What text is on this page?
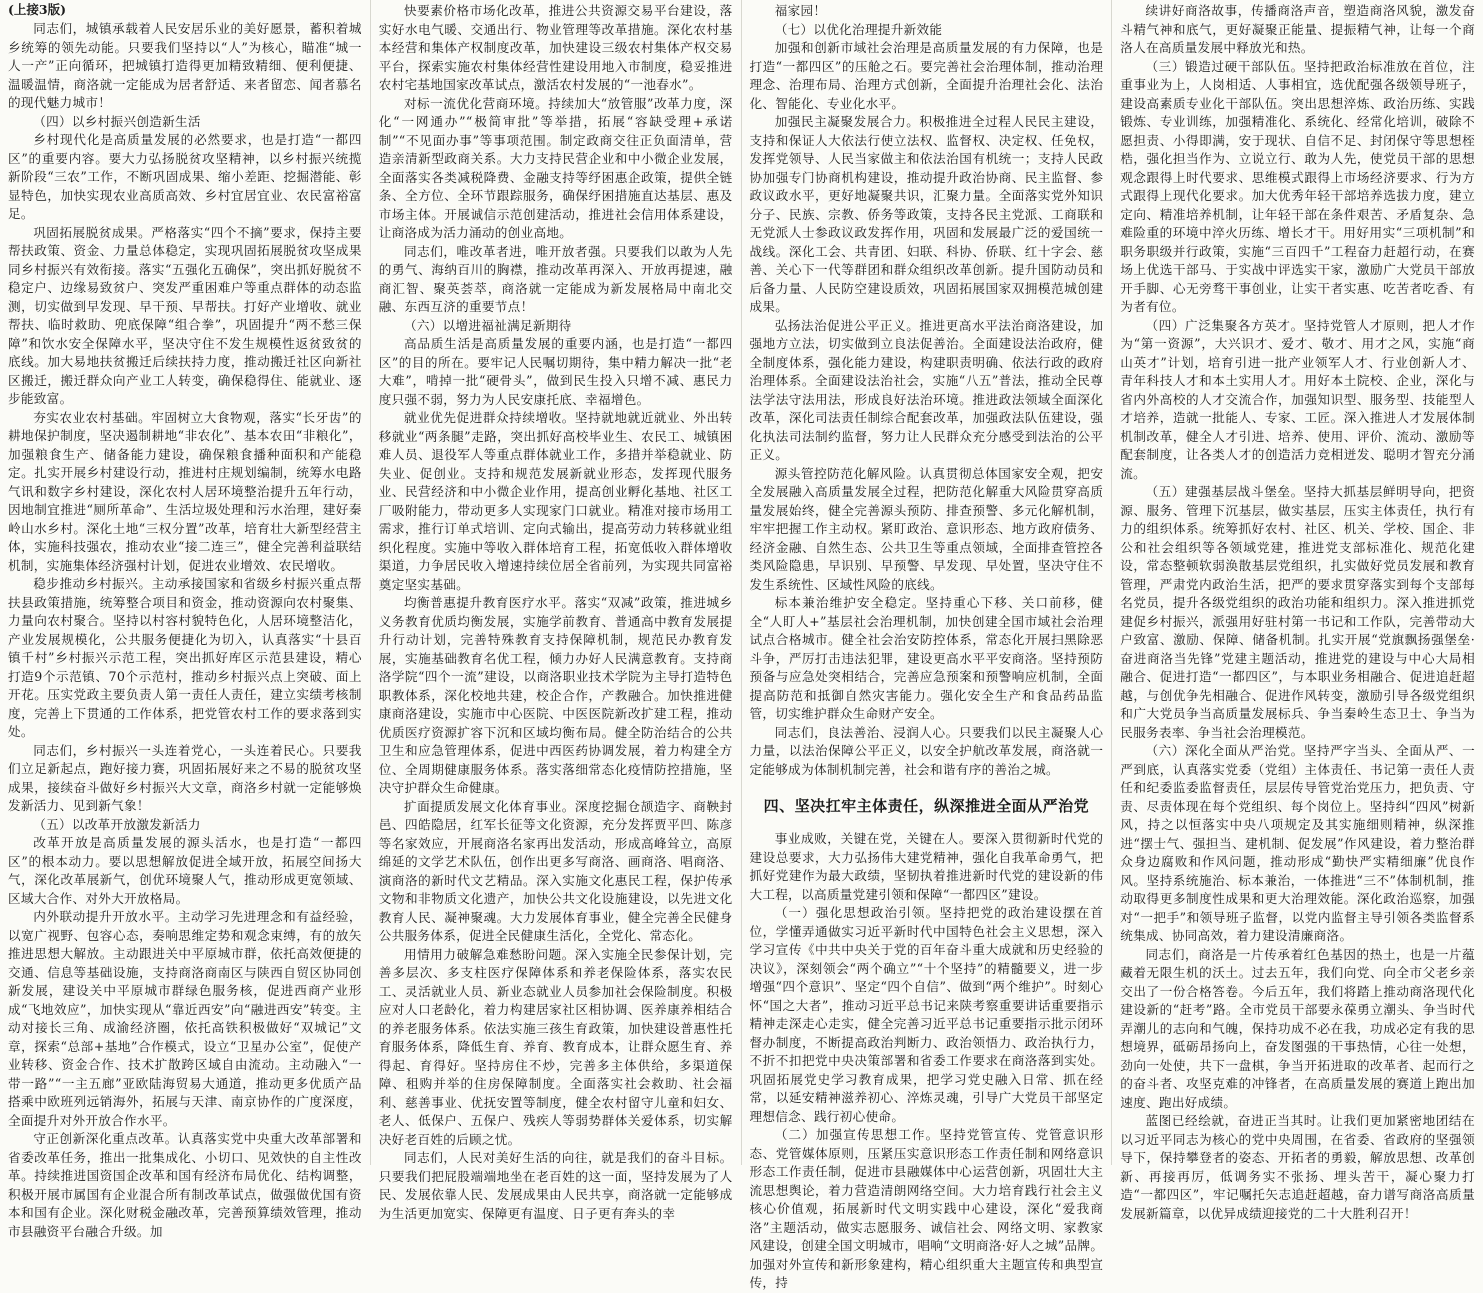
(上接3版)

同志们，城镇承载着人民安居乐业的美好愿景，蓄积着城乡统筹的领先动能。只要我们坚持以“人”为核心，瞄准“城一人一产”正向循环，把城镇打造得更加精致精细、便利便捷、温暖温情，商洛就一定能成为居者舒适、来者留恋、闻者慕名的现代魅力城市！

（四）以乡村振兴创造新生活

乡村现代化是高质量发展的必然要求，也是打造“一都四区”的重要内容。要大力弘扬脱贫攻坚精神，以乡村振兴统揽新阶段“三农”工作，不断巩固成果、缩小差距、挖掘潜能、彰显特色，加快实现农业高质高效、乡村宜居宜业、农民富裕富足。

巩固拓展脱贫成果。严格落实“四个不摘”要求，保持主要帮扶政策、资金、力量总体稳定，实现巩固拓展脱贫攻坚成果同乡村振兴有效衔接。落实“五强化五确保”，突出抓好脱贫不稳定户、边缘易致贫户、突发严重困难户等重点群体的动态监测，切实做到早发现、早干预、早帮扶。打好产业增收、就业帮扶、临时救助、兜底保障“组合拳”，巩固提升“两不愁三保障”和饮水安全保障水平，坚决守住不发生规模性返贫致贫的底线。加大易地扶贫搬迁后续扶持力度，推动搬迁社区向新社区搬迁，搬迁群众向产业工人转变，确保稳得住、能就业、逐步能致富。

夯实农业农村基础。牢固树立大食物观，落实“长牙齿”的耕地保护制度，坚决遏制耕地“非农化”、基本农田“非粮化”，加强粮食生产、储备能力建设，确保粮食播种面积和产能稳定。扎实开展乡村建设行动，推进村庄规划编制，统筹水电路气讯和数字乡村建设，深化农村人居环境整治提升五年行动，因地制宜推进“厕所革命”、生活垃圾处理和污水治理，建好秦岭山水乡村。深化土地“三权分置”改革，培育壮大新型经营主体，实施科技强农，推动农业“接二连三”，健全完善利益联结机制，实施集体经济强村计划，促进农业增效、农民增收。

稳步推动乡村振兴。主动承接国家和省级乡村振兴重点帮扶县政策措施，统筹整合项目和资金，推动资源向农村聚集、力量向农村聚合。坚持以村容村貌特色化，人居环境整洁化，产业发展规模化，公共服务便捷化为切入，认真落实“十县百镇千村”乡村振兴示范工程，突出抓好库区示范县建设，精心打造9个示范镇、70个示范村，推动乡村振兴点上突破、面上开花。压实党政主要负责人第一责任人责任，建立实绩考核制度，完善上下贯通的工作体系，把党管农村工作的要求落到实处。

同志们，乡村振兴一头连着党心，一头连着民心。只要我们立足新起点，跑好接力赛，巩固拓展好来之不易的脱贫攻坚成果，接续奋斗做好乡村振兴大文章，商洛乡村就一定能够焕发新活力、见到新气象！

（五）以改革开放激发新活力

改革开放是高质量发展的源头活水，也是打造“一都四区”的根本动力。要以思想解放促进全域开放，拓展空间扬大气，深化改革展新气，创优环境聚人气，推动形成更宽领域、区域大合作、对外大开放格局。

内外联动提升开放水平。主动学习先进理念和有益经验，以宽广视野、包容心态，奏响思维定势和观念束缚，有的放矢推进思想大解放。主动跟进关中平原城市群，依托高效便捷的交通、信息等基础设施，支持商洛商南区与陕西自贸区协同创新发展，建设关中平原城市群绿色服务核，促进西商产业形成“飞地效应”，加快实现从“靠近西安”向“融进西安”转变。主动对接长三角、成渝经济圈，依托高铁积极做好“双城记”文章，探索“总部+基地”合作模式，设立“卫星办公室”，促使产业转移、资金合作、技术扩散跨区域自由流动。主动融入“一带一路”“一主五廊”亚欧陆海贸易大通道，推动更多优质产品搭乘中欧班列远销海外，拓展与天津、南京协作的广度深度，全面提升对外开放合作水平。

守正创新深化重点改革。认真落实党中央重大改革部署和省委改革任务，推出一批集成化、小切口、见效快的自主性改革。持续推进国资国企改革和国有经济布局优化、结构调整，积极开展市属国有企业混合所有制改革试点，做强做优国有资本和国有企业。深化财税金融改革，完善预算绩效管理，推动市县融资平台融合升级。加

快要素价格市场化改革，推进公共资源交易平台建设，落实好水电气暖、交通出行、物业管理等改革措施。深化农村基本经营和集体产权制度改革，加快建设三级农村集体产权交易平台，探索实施农村集体经营性建设用地入市制度，稳妥推进农村宅基地国家改革试点，激活农村发展的“一池春水”。

对标一流优化营商环境。持续加大“放管服”改革力度，深化“一网通办”“极简审批”等举措，拓展“容缺受理+承诺制”“不见面办事”等事项范围。制定政商交往正负面清单，营造亲清新型政商关系。大力支持民营企业和中小微企业发展，全面落实各类减税降费、金融支持等纾困惠企政策，提供全链条、全方位、全环节跟踪服务，确保纾困措施直达基层、惠及市场主体。开展诚信示范创建活动，推进社会信用体系建设，让商洛成为活力涌动的创业高地。

同志们，唯改革者进，唯开放者强。只要我们以敢为人先的勇气、海纳百川的胸襟，推动改革再深入、开放再提速，融商汇智、聚英荟萃，商洛就一定能成为新发展格局中南北交融、东西互济的重要节点！

（六）以增进福祉满足新期待

高品质生活是高质量发展的重要内涵，也是打造“一都四区”的目的所在。要牢记人民嘱切期待，集中精力解决一批“老大难”，啃掉一批“硬骨头”，做到民生投入只增不减、惠民力度只强不弱，努力为人民安康托底、幸福增色。

就业优先促进群众持续增收。坚持就地就近就业、外出转移就业“两条腿”走路，突出抓好高校毕业生、农民工、城镇困难人员、退役军人等重点群体就业工作，多措并举稳就业、防失业、促创业。支持和规范发展新就业形态，发挥现代服务业、民营经济和中小微企业作用，提高创业孵化基地、社区工厂吸附能力，带动更多人实现家门口就业。精准对接市场用工需求，推行订单式培训、定向式输出，提高劳动力转移就业组织化程度。实施中等收入群体培育工程，拓宽低收入群体增收渠道，力争居民收入增速持续位居全省前列，为实现共同富裕奠定坚实基础。

均衡普惠提升教育医疗水平。落实“双减”政策，推进城乡义务教育优质均衡发展，实施学前教育、普通高中教育发展提升行动计划，完善特殊教育支持保障机制，规范民办教育发展，实施基础教育名优工程，倾力办好人民满意教育。支持商洛学院“四个一流”建设，以商洛职业技术学院为主导打造特色职教体系，深化校地共建，校企合作，产教融合。加快推进健康商洛建设，实施市中心医院、中医医院新改扩建工程，推动优质医疗资源扩容下沉和区域均衡布局。健全防治结合的公共卫生和应急管理体系，促进中西医药协调发展，着力构建全方位、全周期健康服务体系。落实落细常态化疫情防控措施，坚决守护群众生命健康。

扩面提质发展文化体育事业。深度挖掘仓颉造字、商鞅封邑、四皓隐居，红军长征等文化资源，充分发挥贾平凹、陈彦等名家效应，开展商洛名家再出发活动，形成高峰耸立，高原绵延的文学艺术队伍，创作出更多写商洛、画商洛、唱商洛、演商洛的新时代文艺精品。深入实施文化惠民工程，保护传承文物和非物质文化遗产，加快公共文化设施建设，以先进文化教育人民、凝神聚魂。大力发展体育事业，健全完善全民健身公共服务体系，促进全民健康生活化，全党化、常态化。

用情用力破解急难愁盼问题。深入实施全民参保计划，完善多层次、多支柱医疗保障体系和养老保险体系，落实农民工、灵活就业人员、新业态就业人员参加社会保险制度。积极应对人口老龄化，着力构建居家社区相协调、医养康养相结合的养老服务体系。依法实施三孩生育政策，加快建设普惠性托育服务体系，降低生育、养育、教育成本，让群众愿生育、养得起、育得好。坚持房住不炒，完善多主体供给，多渠道保障、租购并举的住房保障制度。全面落实社会救助、社会福利、慈善事业、优抚安置等制度，健全农村留守儿童和妇女、老人、低保户、五保户、残疾人等弱势群体关爱体系，切实解决好老百姓的后顾之忧。

同志们，人民对美好生活的向往，就是我们的奋斗目标。只要我们把屁股端端地坐在老百姓的这一面，坚持发展为了人民、发展依靠人民、发展成果由人民共享，商洛就一定能够成为生活更加宽实、保障更有温度、日子更有奔头的幸

福家园！

（七）以优化治理提升新效能

加强和创新市域社会治理是高质量发展的有力保障，也是打造“一都四区”的压舱之石。要完善社会治理体制，推动治理理念、治理布局、治理方式创新，全面提升治理社会化、法治化、智能化、专业化水平。

加强民主凝聚发展合力。积极推进全过程人民民主建设，支持和保证人大依法行使立法权、监督权、决定权、任免权，发挥党领导、人民当家做主和依法治国有机统一；支持人民政协加强专门协商机构建设，推动提升政治协商、民主监督、参政议政水平，更好地凝聚共识，汇聚力量。全面落实党外知识分子、民族、宗教、侨务等政策，支持各民主党派、工商联和无党派人士参政议政发挥作用，巩固和发展最广泛的爱国统一战线。深化工会、共青团、妇联、科协、侨联、红十字会、慈善、关心下一代等群团和群众组织改革创新。提升国防动员和后备力量、人民防空建设质效，巩固拓展国家双拥模范城创建成果。

弘扬法治促进公平正义。推进更高水平法治商洛建设，加强地方立法，切实做到立良法促善治。全面建设法治政府，健全制度体系，强化能力建设，构建职责明确、依法行政的政府治理体系。全面建设法治社会，实施“八五”普法，推动全民尊法学法守法用法，形成良好法治环境。推进政法领域全面深化改革，深化司法责任制综合配套改革，加强政法队伍建设，强化执法司法制约监督，努力让人民群众充分感受到法治的公平正义。

源头管控防范化解风险。认真贯彻总体国家安全观，把安全发展融入高质量发展全过程，把防范化解重大风险贯穿高质量发展始终，健全完善源头预防、排查预警、多元化解机制，牢牢把握工作主动权。紧盯政治、意识形态、地方政府债务、经济金融、自然生态、公共卫生等重点领域，全面排查管控各类风险隐患，早识别、早预警、早发现、早处置，坚决守住不发生系统性、区域性风险的底线。

标本兼治维护安全稳定。坚持重心下移、关口前移，健全“人盯人+”基层社会治理机制，加快创建全国市域社会治理试点合格城市。健全社会治安防控体系，常态化开展扫黑除恶斗争，严厉打击违法犯罪，建设更高水平平安商洛。坚持预防预备与应急处突相结合，完善应急预案和预警响应机制，全面提高防范和抵御自然灾害能力。强化安全生产和食品药品监管，切实维护群众生命财产安全。

同志们，良法善治、浸润人心。只要我们以民主凝聚人心力量，以法治保障公平正义，以安全护航改革发展，商洛就一定能够成为体制机制完善，社会和谐有序的善治之城。

四、坚决扛牢主体责任，纵深推进全面从严治党

事业成败，关键在党，关键在人。要深入贯彻新时代党的建设总要求，大力弘扬伟大建党精神，强化自我革命勇气，把抓好党建作为最大政绩，坚韧执着推进新时代党的建设新的伟大工程，以高质量党建引领和保障“一都四区”建设。

（一）强化思想政治引领。坚持把党的政治建设摆在首位，学懂弄通做实习近平新时代中国特色社会主义思想，深入学习宣传《中共中央关于党的百年奋斗重大成就和历史经验的决议》，深刻领会“两个确立”“十个坚持”的精髓要义，进一步增强“四个意识”、坚定“四个自信”、做到“两个维护”。时刻心怀“国之大者”，推动习近平总书记来陕考察重要讲话重要指示精神走深走心走实，健全完善习近平总书记重要指示批示闭环督办制度，不断提高政治判断力、政治领悟力、政治执行力，不折不扣把党中央决策部署和省委工作要求在商洛落到实处。巩固拓展党史学习教育成果，把学习党史融入日常、抓在经常，以延安精神滋养初心、淬炼灵魂，引导广大党员干部坚定理想信念、践行初心使命。

（二）加强宣传思想工作。坚持党管宣传、党管意识形态、党管媒体原则，压紧压实意识形态工作责任制和网络意识形态工作责任制，促进市县融媒体中心运营创新，巩固壮大主流思想舆论，着力营造清朗网络空间。大力培育践行社会主义核心价值观，拓展新时代文明实践中心建设，深化“爱我商洛”主题活动，做实志愿服务、诚信社会、网络文明、家教家风建设，创建全国文明城市，唱响“文明商洛·好人之城”品牌。加强对外宣传和新形象建构，精心组织重大主题宣传和典型宣传，持

续讲好商洛故事，传播商洛声音，塑造商洛风貌，激发奋斗精气神和底气，更好凝聚正能量、提振精气神，让每一个商洛人在高质量发展中释放光和热。

（三）锻造过硬干部队伍。坚持把政治标准放在首位，注重事业为上，人岗相适、人事相宜，选优配强各级领导班子，建设高素质专业化干部队伍。突出思想淬炼、政治历练、实践锻炼、专业训练，加强精准化、系统化、经常化培训，破除不愿担责、小得即满，安于现状、自信不足、封闭保守等思想桎梏，强化担当作为、立说立行、敢为人先，使党员干部的思想观念跟得上时代要求、思维模式跟得上市场经济要求、行为方式跟得上现代化要求。加大优秀年轻干部培养选拔力度，建立定向、精准培养机制，让年轻干部在条件艰苦、矛盾复杂、急难险重的环境中淬火历练、增长才干。用好用实“三项机制”和职务职级并行政策，实施“三百四千”工程奋力赶超行动，在赛场上优选干部马、于实战中评选实干家，激励广大党员干部放开手脚、心无旁骛干事创业，让实干者实惠、吃苦者吃香、有为者有位。

（四）广泛集聚各方英才。坚持党管人才原则，把人才作为“第一资源”，大兴识才、爱才、敬才、用才之风，实施“商山英才”计划，培育引进一批产业领军人才、行业创新人才、青年科技人才和本土实用人才。用好本土院校、企业，深化与省内外高校的人才交流合作，加强知识型、服务型、技能型人才培养，造就一批能人、专家、工匠。深入推进人才发展体制机制改革，健全人才引进、培养、使用、评价、流动、激励等配套制度，让各类人才的创造活力竞相迸发、聪明才智充分涌流。

（五）建强基层战斗堡垒。坚持大抓基层鲜明导向，把资源、服务、管理下沉基层，做实基层，压实主体责任，执行有力的组织体系。统筹抓好农村、社区、机关、学校、国企、非公和社会组织等各领域党建，推进党支部标准化、规范化建设，常态整顿软弱涣散基层党组织，扎实做好党员发展和教育管理，严肃党内政治生活，把严的要求贯穿落实到每个支部每名党员，提升各级党组织的政治功能和组织力。深入推进抓党建促乡村振兴，派强用好驻村第一书记和工作队，完善带动大户致富、激励、保障、储备机制。扎实开展“党旗飘扬强堡垒·奋进商洛当先锋”党建主题活动，推进党的建设与中心大局相融合、促进打造“一都四区”，与本职业务相融合、促进追赶超越，与创优争先相融合、促进作风转变，激励引导各级党组织和广大党员争当高质量发展标兵、争当秦岭生态卫士、争当为民服务表率、争当社会治理模范。

（六）深化全面从严治党。坚持严字当头、全面从严、一严到底，认真落实党委（党组）主体责任、书记第一责任人责任和纪委监委监督责任，层层传导管党治党压力，把负责、守责、尽责体现在每个党组织、每个岗位上。坚持纠“四风”树新风，持之以恒落实中央八项规定及其实施细则精神，纵深推进“摆士气、强担当、建机制、促发展”作风建设，着力整治群众身边腐败和作风问题，推动形成“勤快严实精细廉”优良作风。坚持系统施治、标本兼治，一体推进“三不”体制机制，推动取得更多制度性成果和更大治理效能。深化政治巡察，加强对“一把手”和领导班子监督，以党内监督主导引领各类监督系统集成、协同高效，着力建设清廉商洛。

同志们，商洛是一片传承着红色基因的热土，也是一片蕴藏着无限生机的沃土。过去五年，我们向党、向全市父老乡亲交出了一份合格答卷。今后五年，我们将踏上推动商洛现代化建设新的“赶考”路。全市党员干部要永葆勇立潮头、争当时代弄潮儿的志向和气魄，保持功成不必在我，功成必定有我的思想境界，砥砺昂扬向上，奋发图强的干事热情，心往一处想，劲向一处使，共下一盘棋，争当开拓进取的改革者、起而行之的奋斗者、攻坚克难的冲锋者，在高质量发展的赛道上跑出加速度、跑出好成绩。

蓝图已经绘就，奋进正当其时。让我们更加紧密地团结在以习近平同志为核心的党中央周围，在省委、省政府的坚强领导下，保持攀登者的姿态、开拓者的勇毅，解放思想、改革创新、再接再厉，低调务实不张扬、埋头苦干，凝心聚力打造“一都四区”，牢记嘱托矢志追赶超越，奋力谱写商洛高质量发展新篇章，以优异成绩迎接党的二十大胜利召开！
